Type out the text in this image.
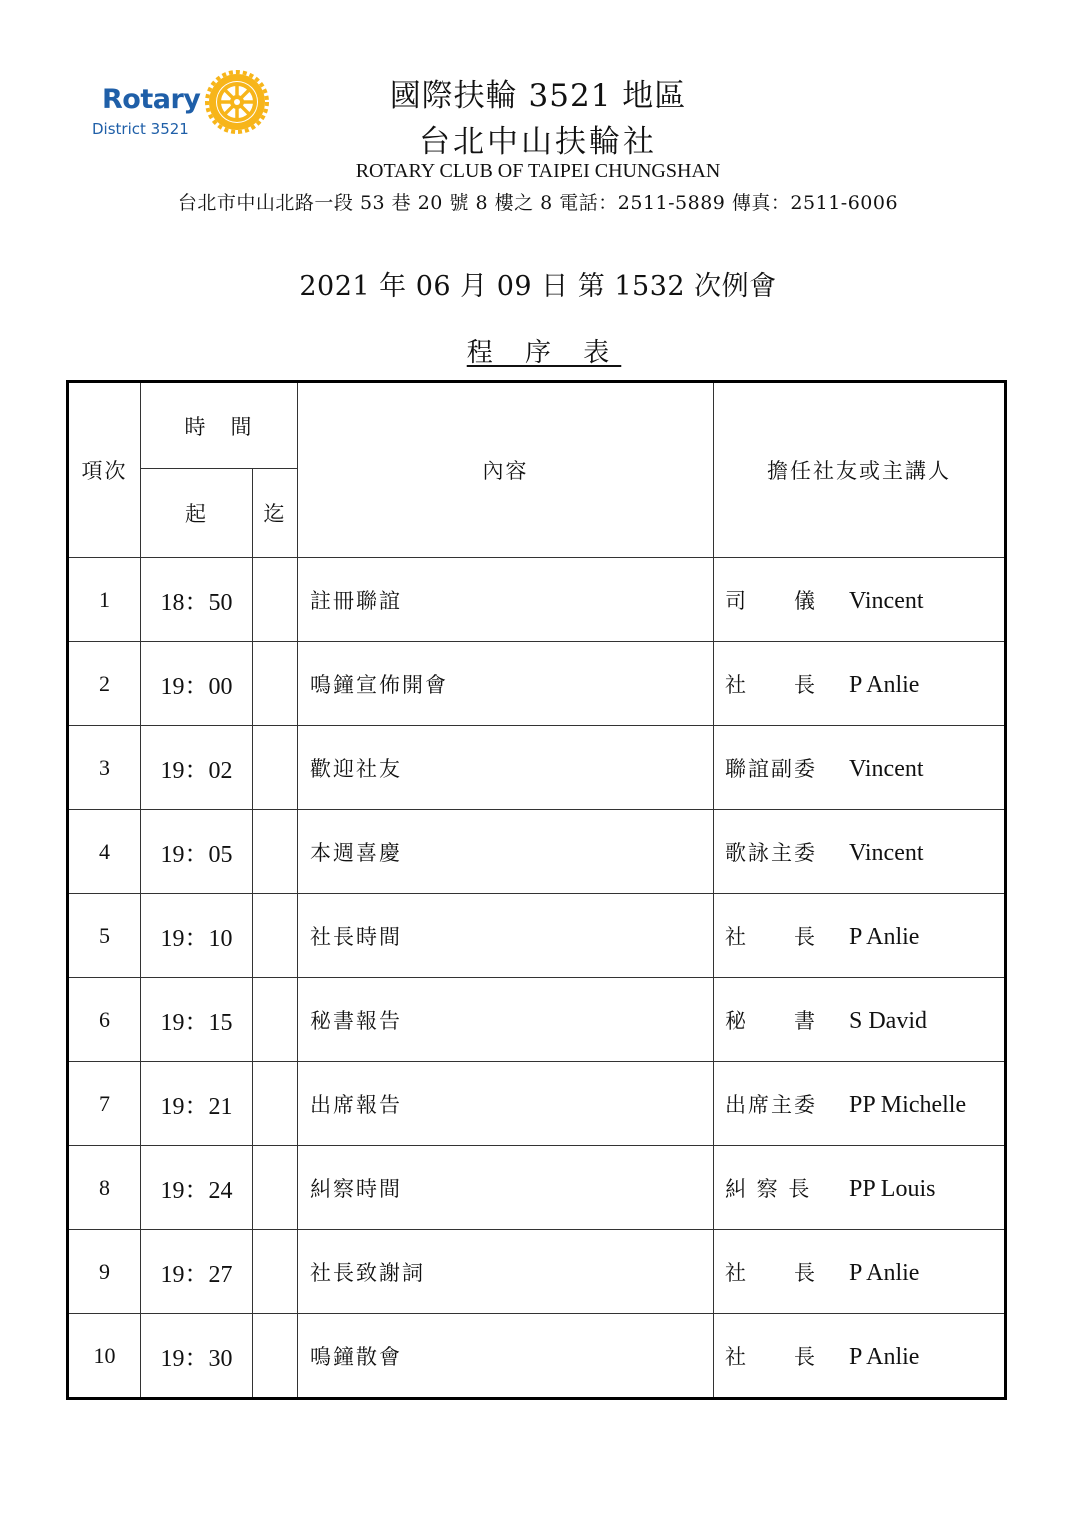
Rotary
District 3521
國際扶輪 3521 地區
台北中山扶輪社
ROTARY CLUB OF TAIPEI CHUNGSHAN
台北市中山北路一段 53 巷 20 號 8 樓之 8 電話：2511-5889 傳真：2511-6006
2021 年 06 月 09 日 第 1532 次例會
程 序 表
項次	時　間		內容	擔任社友或主講人
	起	迄		
1	18：50		註冊聯誼	司　　儀 Vincent
2	19：00		鳴鐘宣佈開會	社　　長 P Anlie
3	19：02		歡迎社友	聯誼副委 Vincent
4	19：05		本週喜慶	歌詠主委 Vincent
5	19：10		社長時間	社　　長 P Anlie
6	19：15		秘書報告	秘　　書 S David
7	19：21		出席報告	出席主委 PP Michelle
8	19：24		糾察時間	糾 察 長 PP Louis
9	19：27		社長致謝詞	社　　長 P Anlie
10	19：30		鳴鐘散會	社　　長 P Anlie
